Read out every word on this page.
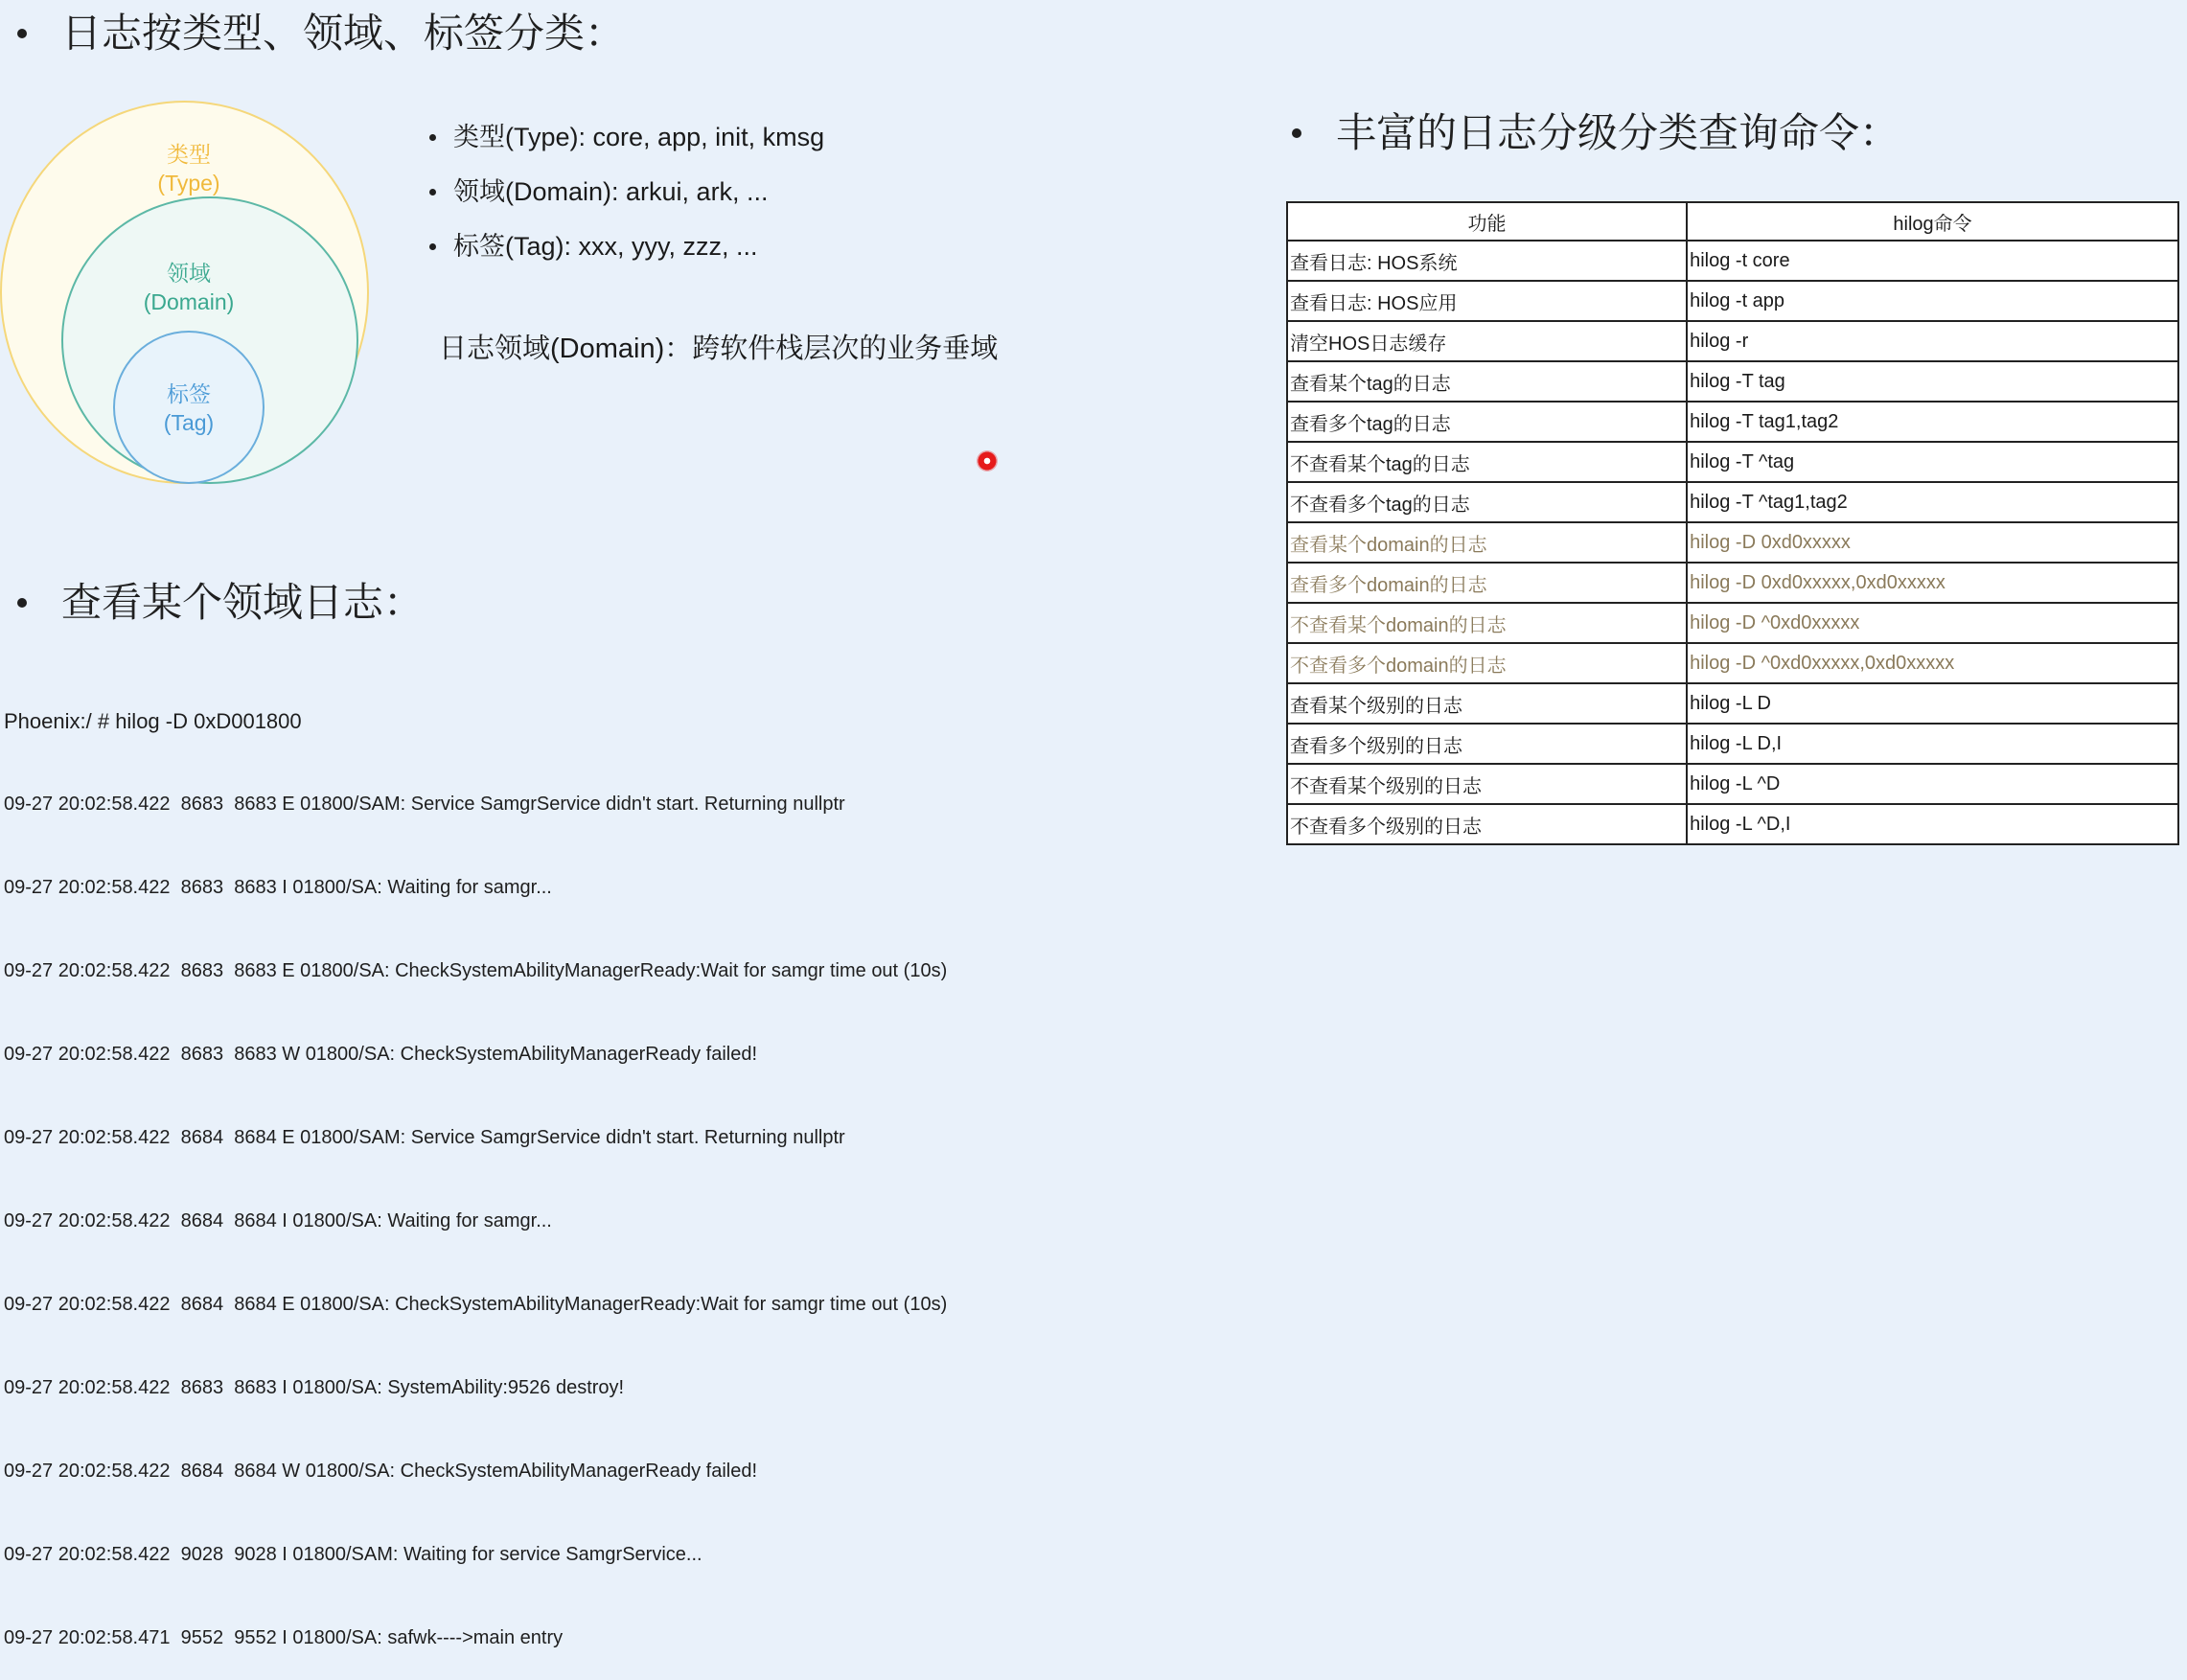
日志按类型、领域、标签分类：
丰富的日志分级分类查询命令：
查看某个领域日志：
类型
(Type)
领域
(Domain)
标签
(Tag)
类型(Type): core, app, init, kmsg
领域(Domain): arkui, ark, ...
标签(Tag): xxx, yyy, zzz, ...
日志领域(Domain)：跨软件栈层次的业务垂域
功能	hilog命令
查看日志: HOS系统	hilog -t core
查看日志: HOS应用	hilog -t app
清空HOS日志缓存	hilog -r
查看某个tag的日志	hilog -T tag
查看多个tag的日志	hilog -T tag1,tag2
不查看某个tag的日志	hilog -T ^tag
不查看多个tag的日志	hilog -T ^tag1,tag2
查看某个domain的日志	hilog -D 0xd0xxxxx
查看多个domain的日志	hilog -D 0xd0xxxxx,0xd0xxxxx
不查看某个domain的日志	hilog -D ^0xd0xxxxx
不查看多个domain的日志	hilog -D ^0xd0xxxxx,0xd0xxxxx
查看某个级别的日志	hilog -L D
查看多个级别的日志	hilog -L D,I
不查看某个级别的日志	hilog -L ^D
不查看多个级别的日志	hilog -L ^D,I

Phoenix:/ # hilog -D 0xD001800

09-27 20:02:58.422  8683  8683 E 01800/SAM: Service SamgrService didn't start. Returning nullptr

09-27 20:02:58.422  8683  8683 I 01800/SA: Waiting for samgr...

09-27 20:02:58.422  8683  8683 E 01800/SA: CheckSystemAbilityManagerReady:Wait for samgr time out (10s)

09-27 20:02:58.422  8683  8683 W 01800/SA: CheckSystemAbilityManagerReady failed!

09-27 20:02:58.422  8684  8684 E 01800/SAM: Service SamgrService didn't start. Returning nullptr

09-27 20:02:58.422  8684  8684 I 01800/SA: Waiting for samgr...

09-27 20:02:58.422  8684  8684 E 01800/SA: CheckSystemAbilityManagerReady:Wait for samgr time out (10s)

09-27 20:02:58.422  8683  8683 I 01800/SA: SystemAbility:9526 destroy!

09-27 20:02:58.422  8684  8684 W 01800/SA: CheckSystemAbilityManagerReady failed!

09-27 20:02:58.422  9028  9028 I 01800/SAM: Waiting for service SamgrService...

09-27 20:02:58.471  9552  9552 I 01800/SA: safwk---->main entry
